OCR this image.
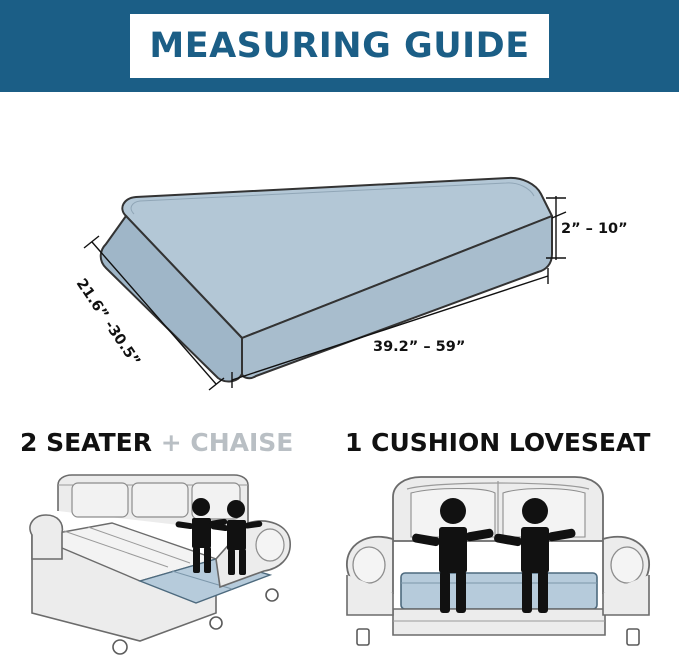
MEASURING GUIDE
39.2” – 59”
2” – 10”
21.6” -30.5”
2 SEATER + CHAISE	1 CUSHION LOVESEAT
